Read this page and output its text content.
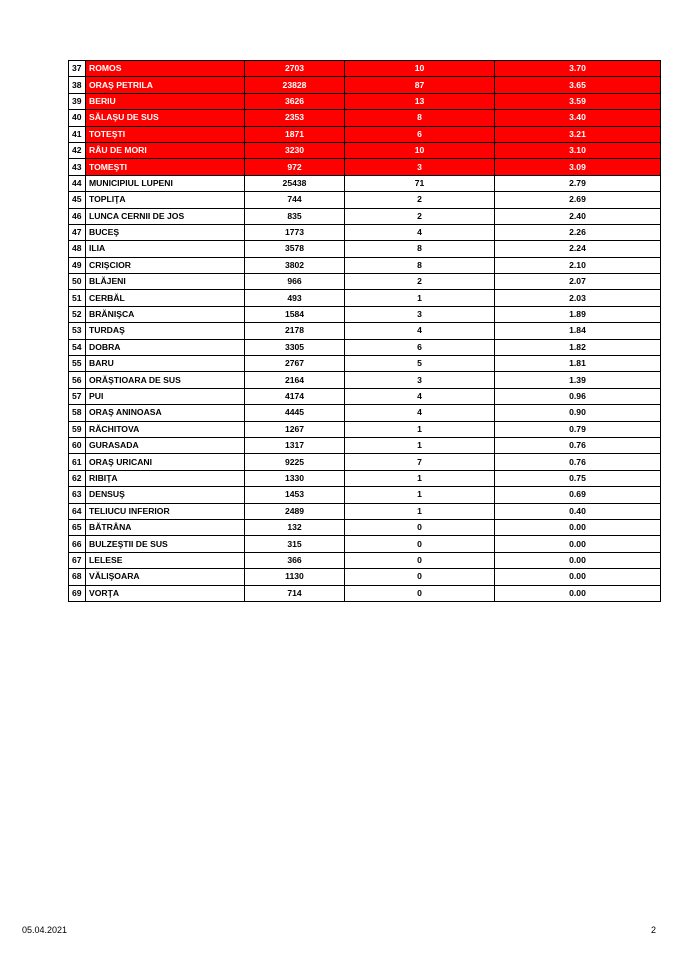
37	ROMOS	2703	10	3.70
38	ORAŞ PETRILA	23828	87	3.65
39	BERIU	3626	13	3.59
40	SĂLAŞU DE SUS	2353	8	3.40
41	TOTEŞTI	1871	6	3.21
42	RÂU DE MORI	3230	10	3.10
43	TOMEŞTI	972	3	3.09
44	MUNICIPIUL LUPENI	25438	71	2.79
45	TOPLIŢA	744	2	2.69
46	LUNCA CERNII DE JOS	835	2	2.40
47	BUCEŞ	1773	4	2.26
48	ILIA	3578	8	2.24
49	CRIŞCIOR	3802	8	2.10
50	BLĂJENI	966	2	2.07
51	CERBĂL	493	1	2.03
52	BRĂNIŞCA	1584	3	1.89
53	TURDAŞ	2178	4	1.84
54	DOBRA	3305	6	1.82
55	BARU	2767	5	1.81
56	ORĂŞTIOARA DE SUS	2164	3	1.39
57	PUI	4174	4	0.96
58	ORAŞ ANINOASA	4445	4	0.90
59	RĂCHITOVA	1267	1	0.79
60	GURASADA	1317	1	0.76
61	ORAŞ URICANI	9225	7	0.76
62	RIBIŢA	1330	1	0.75
63	DENSUŞ	1453	1	0.69
64	TELIUCU INFERIOR	2489	1	0.40
65	BĂTRÂNA	132	0	0.00
66	BULZEŞTII DE SUS	315	0	0.00
67	LELESE	366	0	0.00
68	VĂLIŞOARA	1130	0	0.00
69	VORŢA	714	0	0.00
05.04.2021	2
